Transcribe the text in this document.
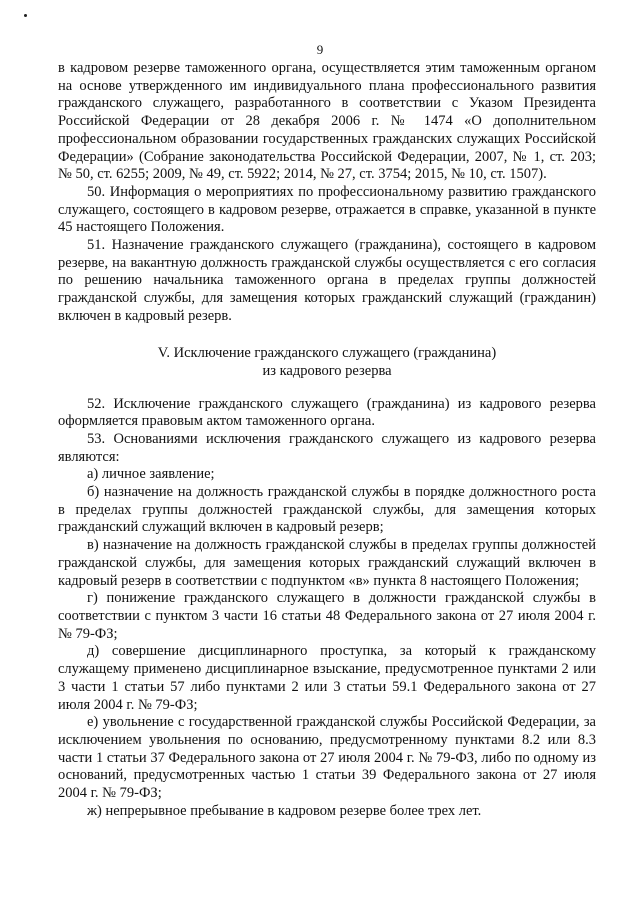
9

в кадровом резерве таможенного органа, осуществляется этим таможенным органом на основе утвержденного им индивидуального плана профессионального развития гражданского служащего, разработанного в соответствии с Указом Президента Российской Федерации от 28 декабря 2006 г. № 1474 «О дополнительном профессиональном образовании государственных гражданских служащих Российской Федерации» (Собрание законодательства Российской Федерации, 2007, № 1, ст. 203; № 50, ст. 6255; 2009, № 49, ст. 5922; 2014, № 27, ст. 3754; 2015, № 10, ст. 1507).

50. Информация о мероприятиях по профессиональному развитию гражданского служащего, состоящего в кадровом резерве, отражается в справке, указанной в пункте 45 настоящего Положения.

51. Назначение гражданского служащего (гражданина), состоящего в кадровом резерве, на вакантную должность гражданской службы осуществляется с его согласия по решению начальника таможенного органа в пределах группы должностей гражданской службы, для замещения которых гражданский служащий (гражданин) включен в кадровый резерв.

V. Исключение гражданского служащего (гражданина)
из кадрового резерва

52. Исключение гражданского служащего (гражданина) из кадрового резерва оформляется правовым актом таможенного органа.

53. Основаниями исключения гражданского служащего из кадрового резерва являются:

а) личное заявление;

б) назначение на должность гражданской службы в порядке должностного роста в пределах группы должностей гражданской службы, для замещения которых гражданский служащий включен в кадровый резерв;

в) назначение на должность гражданской службы в пределах группы должностей гражданской службы, для замещения которых гражданский служащий включен в кадровый резерв в соответствии с подпунктом «в» пункта 8 настоящего Положения;

г) понижение гражданского служащего в должности гражданской службы в соответствии с пунктом 3 части 16 статьи 48 Федерального закона от 27 июля 2004 г. № 79-ФЗ;

д) совершение дисциплинарного проступка, за который к гражданскому служащему применено дисциплинарное взыскание, предусмотренное пунктами 2 или 3 части 1 статьи 57 либо пунктами 2 или 3 статьи 59.1 Федерального закона от 27 июля 2004 г. № 79-ФЗ;

е) увольнение с государственной гражданской службы Российской Федерации, за исключением увольнения по основанию, предусмотренному пунктами 8.2 или 8.3 части 1 статьи 37 Федерального закона от 27 июля 2004 г. № 79-ФЗ, либо по одному из оснований, предусмотренных частью 1 статьи 39 Федерального закона от 27 июля 2004 г. № 79-ФЗ;

ж) непрерывное пребывание в кадровом резерве более трех лет.
